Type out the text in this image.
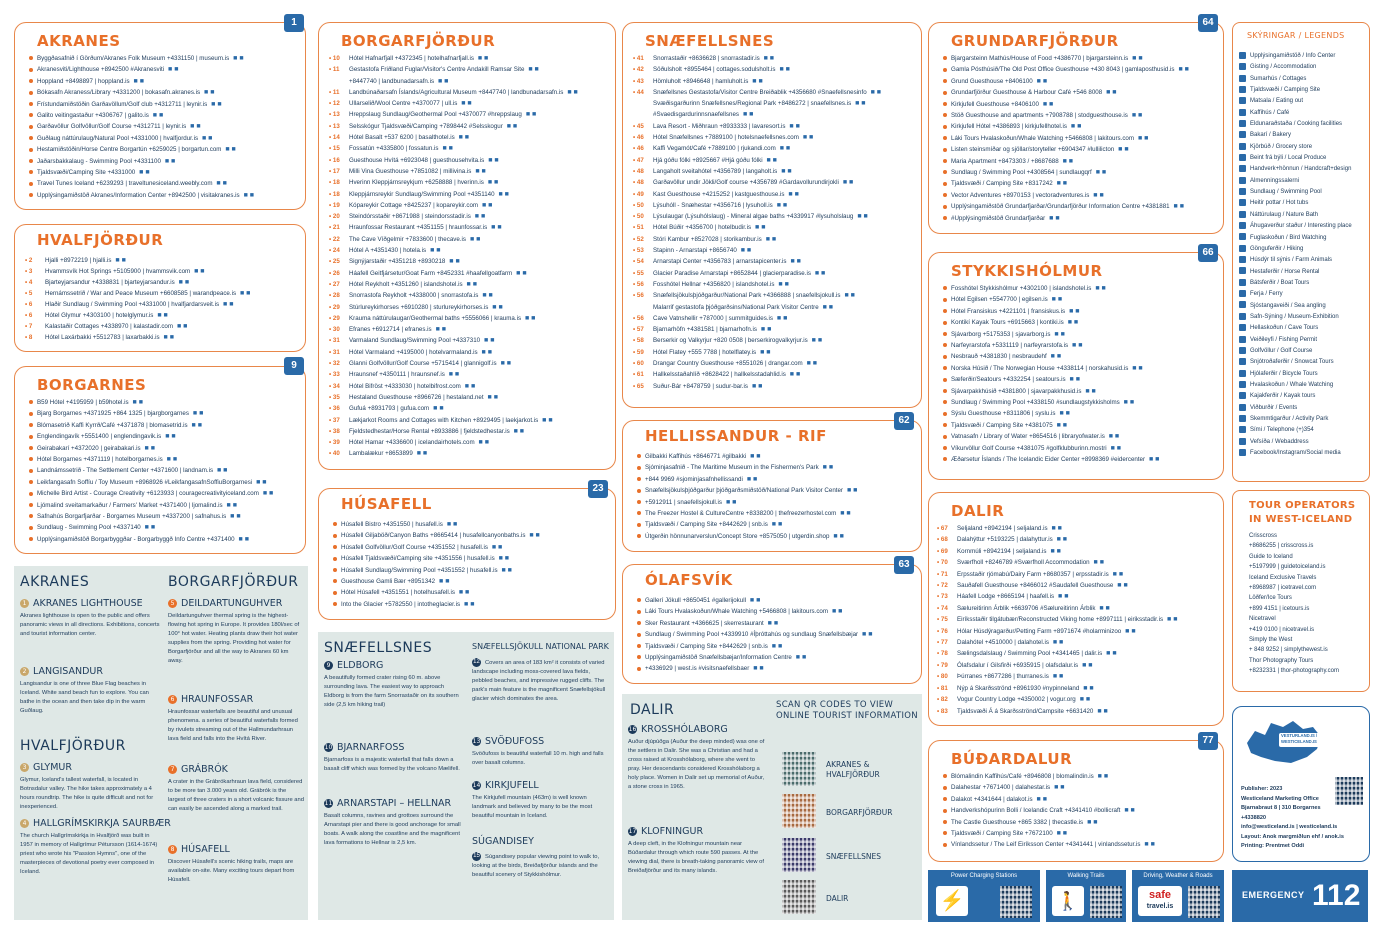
AKRANES
Byggðasafnið í Görðum/Akranes Folk Museum +4331150 | museum.is ■ ■
Akranesviti/Lighthouse +8942500 #Akranesviti ■ ■
Hoppland +8498897 | hoppland.is ■ ■
Bókasafn Akraness/Library +4331200 | bokasafn.akranes.is ■ ■
Frístundamiðstöðin Garðavöllum/Golf club +4312711 | leynir.is ■ ■
Galito veitingastaður +4306767 | galito.is ■ ■
Garðavöllur Golfvöllur/Golf Course +4312711 | leynir.is ■ ■
Guðlaug náttúrulaug/Natural Pool +4331000 | hvalfjordur.is ■ ■
Hestamiðstöðin/Horse Centre Borgartún +6259025 | borgartun.com ■ ■
Jaðarsbakkalaug - Swimming Pool +4331100 ■ ■
Tjaldsvæði/Camping Site +4331000 ■ ■
Travel Tunes Iceland +6239293 | traveltunesiceland.weebly.com ■ ■
Upplýsingamiðstöð Akranes/Information Center +8942500 | visitakranes.is ■ ■
1
HVALFJÖRÐUR
• 2 Hjalli +8972219 | hjalli.is ■ ■
• 3 Hvammsvík Hot Springs +5105900 | hvammsvik.com ■ ■
• 4 Bjarteyjarsandur +4338831 | bjarteyjarsandur.is ■ ■
• 5 Hernámssetrið / War and Peace Museum +6608585 | warandpeace.is ■ ■
• 6 Hlaðir Sundlaug / Swimming Pool +4331000 | hvalfjardarsveit.is ■ ■
• 6 Hótel Glymur +4303100 | hotelglymur.is ■ ■
• 7 Kalastaðir Cottages +4338970 | kalastadir.com ■ ■
• 8 Hótel Laxárbakki +5512783 | laxarbakki.is ■ ■
BORGARNES
B59 Hótel +4195959 | b59hotel.is ■ ■
Bjarg Borgarnes +4371925 +864 1325 | bjargborgarnes ■ ■
Blómasetrið Kaffi Kyrrð/Café +4371878 | blomasetrid.is ■ ■
Englendingavík +5551400 | englendingavik.is ■ ■
Geirabakarí +4372020 | geirabakari.is ■ ■
Hótel Borgarnes +4371119 | hotelborgarnes.is ■ ■
Landnámssetrið - The Settlement Center +4371600 | landnam.is ■ ■
Leikfangasafn Soffíu / Toy Museum +8968926 #LeikfangasafnSoffiuBorgarnesi ■ ■
Michelle Bird Artist - Courage Creativity +6123933 | couragecreativityiceland.com ■ ■
Ljómalind sveitamarkaður / Farmers' Market +4371400 | ljomalind.is ■ ■
Safnahús Borgarfjarðar - Borgarnes Museum +4337200 | safnahus.is ■ ■
Sundlaug - Swimming Pool +4337140 ■ ■
Upplýsingamiðstöð Borgarbyggðar - Borgarbyggð Info Centre +4371400 ■ ■
9
BORGARFJÖRÐUR
• 10 Hótel Hafnarfjall +4372345 | hotelhafnarfjall.is ■ ■
• 11 Gestastofa Friðland Fuglar/Visitor's Centre Andakill Ramsar Site ■ ■
+8447740 | landbunadarsafn.is ■ ■
• 11 Landbúnaðarsafn Íslands/Agricultural Museum +8447740 | landbunadarsafn.is ■ ■
• 12 Ullarselið/Wool Centre +4370077 | ull.is ■ ■
• 13 Hreppslaug Sundlaug/Geothermal Pool +4370077 #hreppslaug ■ ■
• 13 Selsskógur Tjaldsvæði/Camping +7898442 #Selsskogur ■ ■
• 14 Hótel Basalt +537 6200 | basalthotel.is ■ ■
• 15 Fossatún +4335800 | fossatun.is ■ ■
• 16 Guesthouse Hvítá +6923048 | guesthousehvita.is ■ ■
• 17 Milli Vina Guesthouse +7851082 | millivina.is ■ ■
• 18 Hverinn Kleppjárnsreykjum +6258888 | hverinn.is ■ ■
• 18 Kleppjárnsreykir Sundlaug/Swimming Pool +4351140 ■ ■
• 19 Kópareykir Cottage +8425237 | kopareykir.com ■ ■
• 20 Steindórsstaðir +8671988 | steindorsstadir.is ■ ■
• 21 Hraunfossar Restaurant +4351155 | hraunfossar.is ■ ■
• 22 The Cave Víðgelmir +7833600 | thecave.is ■ ■
• 24 Hótel A +4351430 | hotela.is ■ ■
• 25 Signýjarstaðir +4351218 +8930218 ■ ■
• 26 Háafell Geitfjársetur/Goat Farm +8452331 #haafellgoatfarm ■ ■
• 27 Hótel Reykholt +4351260 | islandshotel.is ■ ■
• 28 Snorrastofa Reykholt +4338000 | snorrastofa.is ■ ■
• 29 Stúrlureykirhorses +6910280 | sturlureykirhorses.is ■ ■
• 29 Krauma náttúrulaugar/Geothermal baths +5556066 | krauma.is ■ ■
• 30 Efranes +6912714 | efranes.is ■ ■
• 31 Varmaland Sundlaug/Swimming Pool +4337310 ■ ■
• 31 Hótel Varmaland +4195000 | hotelvarmaland.is ■ ■
• 32 Glanni Golfvöllur/Golf Course +5715414 | glannigolf.is ■ ■
• 33 Hraunsnef +4350111 | hraunsnef.is ■ ■
• 34 Hótel Bifröst +4333030 | hotelbifrost.com ■ ■
• 35 Hestaland Guesthouse +8966726 | hestaland.net ■ ■
• 36 Gufuá +8931793 | gufua.com ■ ■
• 37 Lækjarkot Rooms and Cottages with Kitchen +8929495 | laekjarkot.is ■ ■
• 38 Fjeldstedhestar/Horse Rental +8933886 | fjeldstedhestar.is ■ ■
• 39 Hótel Hamar +4336600 | icelandairhotels.com ■ ■
• 40 Lambalækur +8653899 ■ ■
HÚSAFELL
Húsafell Bistro +4351550 | husafell.is ■ ■
Húsafell Giljaböð/Canyon Baths +8665414 | husafellcanyonbaths.is ■ ■
Húsafell Golfvöllur/Golf Course +4351552 | husafell.is ■ ■
Húsafell Tjaldsvæði/Camping site +4351556 | husafell.is ■ ■
Húsafell Sundlaug/Swimming Pool +4351552 | husafell.is ■ ■
Guesthouse Gamli Bær +8951342 ■ ■
Hótel Húsafell +4351551 | hotelhusafell.is ■ ■
Into the Glacier +5782550 | intotheglacier.is ■ ■
23
SNÆFELLSNES
• 41 Snorrastaðir +8636628 | snorrastadir.is ■ ■
• 42 Söðulsholt +8955464 | cottages.sodulsholt.is ■ ■
• 43 Hömluholt +8946648 | hamluholt.is ■ ■
• 44 Snæfellsnes Gestastofa/Visitor Centre Breiðablik +4356680 #Snaefellsnesinfo ■ ■
Svæðisgarðurinn Snæfellsnes/Regional Park +8486272 | snaefellsnes.is ■ ■
#Svaedisgardurinnsnaefellsnes ■ ■
• 45 Lava Resort - Miðhraun +8933333 | lavaresort.is ■ ■
• 46 Hótel Snæfellsnes +7889100 | hotelsnaefellsnes.com ■ ■
• 46 Kaffi Vegamót/Café +7889100 | rjukandi.com ■ ■
• 47 Hjá góðu fólki +8925667 #Hjá góðu fólki ■ ■
• 48 Langaholt sveitahótel +4356789 | langaholt.is ■ ■
• 48 Garðavöllur undir Jökli/Golf course +4356789 #Gardavollurundirjokli ■ ■
• 49 Kast Guesthouse +4215252 | kastguesthouse.is ■ ■
• 50 Lýsuhóll - Snæhestar +4356716 | lysuholl.is ■ ■
• 50 Lýsulaugar (Lýsuhólslaug) - Mineral algae baths +4339917 #lysuholslaug ■ ■
• 51 Hótel Búðir +4356700 | hotelbudir.is ■ ■
• 52 Stóri Kambur +8527028 | storikambur.is ■ ■
• 53 Stapinn - Arnarstapi +8656740 ■ ■
• 54 Arnarstapi Center +4356783 | arnarstapicenter.is ■ ■
• 55 Glacier Paradise Arnarstapi +8652844 | glacierparadise.is ■ ■
• 56 Fosshótel Hellnar +4356820 | islandshotel.is ■ ■
• 56 Snæfellsjökulsþjóðgarður/National Park +4366888 | snaefellsjokull.is ■ ■
Malarrif gestastofa þjóðgarðsins/National Park Visitor Centre ■ ■
• 56 Cave Vatnshellir +787000 | summitguides.is ■ ■
• 57 Bjarnarhöfn +4381581 | bjarnarhofn.is ■ ■
• 58 Berserkir og Valkyrjur +820 0508 | berserkirogvalkyrjur.is ■ ■
• 59 Hótel Flatey +555 7788 | hotelflatey.is ■ ■
• 60 Drangar Country Guesthouse +8551026 | drangar.com ■ ■
• 61 Hallkelsstaðahlíð +8628422 | hallkelsstadahlid.is ■ ■
• 65 Suður-Bár +8478759 | sudur-bar.is ■ ■
HELLISSANDUR - RIF
Gilbakki Kaffihús +8646771 #gilbakki ■ ■
Sjóminjasafnið - The Maritime Museum in the Fishermen's Park ■ ■
+844 9969 #sjominjasafnhellissandi ■ ■
Snæfellsjökulsþjóðgarður þjóðgarðsmiðstöð/National Park Visitor Center ■ ■
+5912911 | snaefellsjokull.is ■ ■
The Freezer Hostel & CultureCentre +8338200 | thefreezerhostel.com ■ ■
Tjaldsvæði / Camping Site +8442629 | snb.is ■ ■
Útgerðin hönnunarverslun/Concept Store +8575050 | utgerdin.shop ■ ■
62
ÓLAFSVÍK
Gallerí Jökull +8650451 #gallerijokull ■ ■
Láki Tours Hvalaskoðun/Whale Watching +5466808 | lakitours.com ■ ■
Sker Restaurant +4366625 | skerrestaurant ■ ■
Sundlaug / Swimming Pool +4339910 #Íþróttahús og sundlaug Snæfellsbæjar ■ ■
Tjaldsvæði / Camping Site +8442629 | snb.is ■ ■
Upplýsingamiðstöð Snæfellsbæjar/Information Centre ■ ■
+4336929 | west.is #visitsnaefellsbaer ■ ■
63
GRUNDARFJÖRÐUR
Bjargarsteinn Mathús/House of Food +4386770 | bjargarsteinn.is ■ ■
Gamla Pósthúsið/The Old Post Office Guesthouse +430 8043 | gamlaposthusid.is ■ ■
Grund Guesthouse +8406100 ■ ■
Grundarfjörður Guesthouse & Harbour Café +546 8008 ■ ■
Kirkjufell Guesthouse +8406100 ■ ■
Stöð Guesthouse and apartments +7908788 | stodguesthouse.is ■ ■
Kirkjufell Hótel +4386893 | kirkjufellhotel.is ■ ■
Láki Tours Hvalaskoðun/Whale Watching +5466808 | lakitours.com ■ ■
Listen steinsmíðar og sjöllar/storyteller +6904347 #lullilicton ■ ■
Maria Apartment +8473303 / +8687688 ■ ■
Sundlaug / Swimming Pool +4308564 | sundlaugqrf ■ ■
Tjaldsvæði / Camping Site +8317242 ■ ■
Vector Adventures +8970153 | vectoradventures.is ■ ■
Upplýsingamiðstöð Grundarfjarðar/Grundarfjörður Information Centre +4381881 ■ ■
#Upplýsingmiðstöð Grundarfjarðar ■ ■
64
STYKKISHÓLMUR
Fosshótel Stykkishólmur +4302100 | islandshotel.is ■ ■
Hótel Egilsen +5547700 | egilsen.is ■ ■
Hótel Fransiskus +4221101 | fransiskus.is ■ ■
Kontikí Kayak Tours +6915663 | kontiki.is ■ ■
Sjávarborg +5175353 | sjavarborg.is ■ ■
Narfeyrarstofa +5331119 | narfeyrarstofa.is ■ ■
Nesbrauð +4381830 | nesbraudehf ■ ■
Norska Húsið / The Norwegian House +4338114 | norskahusid.is ■ ■
Sæferðir/Seatours +4332254 | seatours.is ■ ■
Sjávarpakkhúsið +4381800 | sjavarpakkhusid.is ■ ■
Sundlaug / Swimming Pool +4338150 #sundlaugstykkisholms ■ ■
Sýslu Guesthouse +8311806 | syslu.is ■ ■
Tjaldsvæði / Camping Site +4381075 ■ ■
Vatnasafn / Library of Water +8654516 | libraryofwater.is ■ ■
Víkurvöllur Golf Course +4381075 #golfklubburinn.mostri ■ ■
Æðarsetur Íslands / The Icelandic Eider Center +8998369 #eidercenter ■ ■
66
DALIR
• 67 Seljaland +8942194 | seljaland.is ■ ■
• 68 Dalahýttur +5193225 | dalahyttur.is ■ ■
• 69 Kornmúli +8942194 | seljaland.is ■ ■
• 70 Sværfholl +8246789 #Sværfholl Accommodation ■ ■
• 71 Erpsstaðir rjómabú/Dairy Farm +8680357 | erpsstadir.is ■ ■
• 72 Sauðafell Guesthouse +8466012 #Saudafell Guesthouse ■ ■
• 73 Háafell Lodge +8665194 | haafell.is ■ ■
• 74 Sælureitirinn Árblik +6639706 #Sælureitirinn Árblik ■ ■
• 75 Eiríksstaðir tilgátubær/Reconstructed Viking home +8997111 | eiriksstadir.is ■ ■
• 76 Hólar Húsdýragarður/Petting Farm +8971674 #holarminizoo ■ ■
• 77 Dalahótel +4510000 | dalahotel.is ■ ■
• 78 Sælingsdalslaug / Swimming Pool +4341465 | dalir.is ■ ■
• 79 Ólafsdalur í Gilsfirði +6935915 | olafsdalur.is ■ ■
• 80 Þúrranes +8677286 | thurranes.is ■ ■
• 81 Nýp á Skarðsströnd +8961930 #nypinneland ■ ■
• 82 Vogur Country Lodge +4350002 | vogur.org ■ ■
• 83 Tjaldsvæði Á á Skarðsströnd/Campsite +6631420 ■ ■
BÚÐARDALUR
Blómalindin Kaffihús/Café +8946808 | blomalindin.is ■ ■
Dalahestar +7671400 | dalahestar.is ■ ■
Dalakot +4341644 | dalakot.is ■ ■
Handverkshópurinn Bolli / Icelandic Craft +4341410 #bollicraft ■ ■
The Castle Guesthouse +865 3382 | thecastle.is ■ ■
Tjaldsvæði / Camping Site +7672100 ■ ■
Vínlandssetur / The Leif Eiríksson Center +4341441 | vinlandssetur.is ■ ■
77
SKÝRINGAR / LEGENDS
Upplýsingamiðstöð / Info Center
Gisting / Accommodation
Sumarhús / Cottages
Tjaldsvæði / Camping Site
Matsala / Eating out
Kaffihús / Café
Eldunaraðstaða / Cooking facilities
Bakarí / Bakery
Kjörbúð / Grocery store
Beint frá býli / Local Produce
Handverk+hönnun / Handcraft+design
Almenningssalerni
Sundlaug / Swimming Pool
Heitir pottar / Hot tubs
Náttúrulaug / Nature Bath
Áhugaverður staður / Interesting place
Fuglaskoðun / Bird Watching
Gönguferðir / Hiking
Húsdýr til sýnis / Farm Animals
Hestaferðir / Horse Rental
Bátsferðir / Boat Tours
Ferja / Ferry
Sjóstangaveiði / Sea angling
Safn-Sýning / Museum-Exhibition
Hellaskoðun / Cave Tours
Veiðileyfi / Fishing Permit
Golfvöllur / Golf Course
Snjótroðaferðir / Snowcat Tours
Hjólaferðir / Bicycle Tours
Hvalaskoðun / Whale Watching
Kajakferðir / Kayak tours
Viðburðir / Events
Skemmtigarður / Activity Park
Sími / Telephone (+)354
Vefsíða / Webaddress
Facebook/Instagram/Social media
TOUR OPERATORS IN WEST-ICELAND
Crisscross
+8686255 | crisscross.is
Guide to Iceland
+5197999 | guidetoiceland.is
Iceland Exclusive Travels
+8968987 | icetravel.com
Löðfer/Ice Tours
+899 4151 | icetours.is
Nicetravel
+419 0100 | nicetravel.is
Simply the West
+ 848 9252 | simplythewest.is
Thor Photography Tours
+8232331 | thor-photography.com
VESTURLAND.IS / WESTICELAND.IS
Publisher: 2023
Westiceland Marketing Office
Bjarnabraut 8 | 310 Borgarnes
+4338820
info@westiceland.is | westiceland.is
Layout: Anok margmiðlun ehf / anok.is
Printing: Prentmet Oddi
AKRANES
1 AKRANES LIGHTHOUSE

Akranes lighthouse is open to the public and offers panoramic views in all directions. Exhibitions, concerts and tourist information center.

2 LANGISANDUR

Langisandur is one of three Blue Flag beaches in Iceland. White sand beach fun to explore. You can bathe in the ocean and then take dip in the warm Guðlaug.

HVALFJÖRÐUR
3 GLYMUR

Glymur, Iceland's tallest waterfall, is located in Botnsdalur valley. The hike takes approximately a 4 hours roundtrip. The hike is quite difficult and not for inexperienced.

4 HALLGRÍMSKIRKJA SAURBÆR

The church Hallgrímskirkja in Hvalfjörð was built in 1957 in memory of Hallgrímur Pétursson (1614-1674) priest who wrote his "Passion Hymns", one of the masterpieces of devotional poetry ever composed in Iceland.

BORGARFJÖRÐUR
5 DEILDARTUNGUHVER

Deildartunguhver thermal spring is the highest-flowing hot spring in Europe. It provides 180l/sec of 100° hot water. Heating plants draw their hot water supplies from the spring. Providing hot water for Borgarfjörður and all the way to Akranes 60 km away.

6 HRAUNFOSSAR

Hraunfossar waterfalls are beautiful and unusual phenomena. a series of beautiful waterfalls formed by rivulets streaming out of the Hallmundarhraun lava field and falls into the Hvítá River.

7 GRÁBRÓK

A crater in the Grábrókarhraun lava field, considered to be more tan 3.000 years old. Grábrók is the largest of three craters in a short volcanic fissure and can easily be ascended along a marked trail.

8 HÚSAFELL

Discover Húsafell's scenic hiking trails, maps are available on-site. Many exciting tours depart from Húsafell.

SNÆFELLSNES
9 ELDBORG

A beautifully formed crater rising 60 m. above surrounding lava. The easiest way to approach Eldborg is from the farm Snorrastaðir on its southern side (2,5 km hiking trail)

10 BJARNARFOSS

Bjarnarfoss is a majestic waterfall that falls down a basalt cliff which was formed by the volcano Mælifell.

11 ARNARSTAPI – HELLNAR

Basalt columns, ravines and grottoes surround the Arnarstapi pier and there is good anchorage for small boats. A walk along the coastline and the magnificent lava formations to Hellnar is 2,5 km.

SNÆFELLSJÖKULL NATIONAL PARK

12 Covers an area of 183 km² it consists of varied landscape including moss-covered lava fields, pebbled beaches, and impressive rugged cliffs. The park's main feature is the magnificent Snæfellsjökull glacier which dominates the area.

13 SVÖÐUFOSS

Svöðufoss is beautiful waterfall 10 m. high and falls over basalt columns.

14 KIRKJUFELL

The Kirkjufell mountain (463m) is well known landmark and believed by many to be the most beautiful mountain in Iceland.

SÚGANDISEY

15 Súgandisey popular viewing point to walk to, looking at the birds, Breiðafjörður islands and the beautiful scenery of Stykkishólmur.

DALIR
16 KROSSHÓLABORG

Auður djúpúðga (Auður the deep minded) was one of the settlers in Dalir. She was a Christian and had a cross raised at Krosshólaborg, where she went to pray. Her descendants considered Krosshólaborg a holy place. Women in Dalir set up memorial of Auður, a stone cross in 1965.

17 KLOFNINGUR

A deep cleft, in the Klofningur mountain near Búðardalur through which route 590 passes. At the viewing dial, there is breath-taking panoramic view of Breiðafjörður and its many islands.

SCAN QR CODES TO VIEW ONLINE TOURIST INFORMATION
AKRANES & HVALFJÖRÐUR
BORGARFJÖRÐUR
SNÆFELLSNES
DALIR
Power Charging Stations
⚡
Walking Trails
🚶
Driving, Weather & Roads
safe
travel.is
EMERGENCY 112
